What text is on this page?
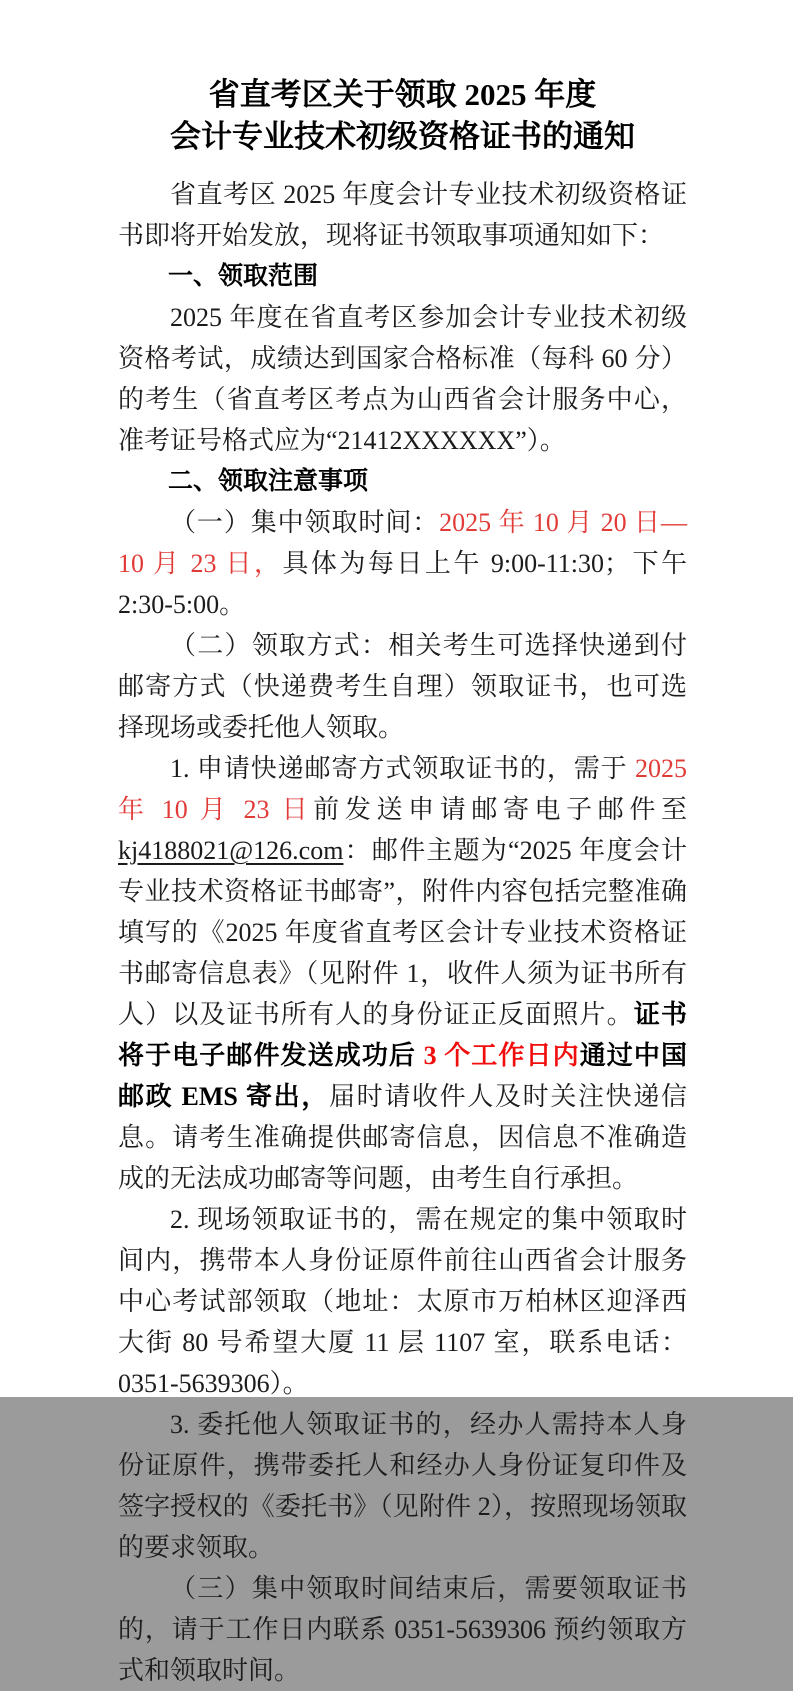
省直考区关于领取 2025 年度
会计专业技术初级资格证书的通知

省直考区 2025 年度会计专业技术初级资格证书即将开始发放，现将证书领取事项通知如下：

一、领取范围

2025 年度在省直考区参加会计专业技术初级资格考试，成绩达到国家合格标准（每科 60 分）的考生（省直考区考点为山西省会计服务中心，准考证号格式应为“21412XXXXXX”）。

二、领取注意事项

（一）集中领取时间：2025 年 10 月 20 日—10 月 23 日，具体为每日上午 9:00-11:30；下午 2:30-5:00。

（二）领取方式：相关考生可选择快递到付邮寄方式（快递费考生自理）领取证书，也可选择现场或委托他人领取。

1. 申请快递邮寄方式领取证书的，需于 2025 年 10 月 23 日前发送申请邮寄电子邮件至 kj4188021@126.com：邮件主题为“2025 年度会计专业技术资格证书邮寄”，附件内容包括完整准确填写的《2025 年度省直考区会计专业技术资格证书邮寄信息表》（见附件 1，收件人须为证书所有人）以及证书所有人的身份证正反面照片。证书将于电子邮件发送成功后 3 个工作日内通过中国邮政 EMS 寄出，届时请收件人及时关注快递信息。请考生准确提供邮寄信息，因信息不准确造成的无法成功邮寄等问题，由考生自行承担。

2. 现场领取证书的，需在规定的集中领取时间内，携带本人身份证原件前往山西省会计服务中心考试部领取（地址：太原市万柏林区迎泽西大街 80 号希望大厦 11 层 1107 室，联系电话：0351-5639306）。

3. 委托他人领取证书的，经办人需持本人身份证原件，携带委托人和经办人身份证复印件及签字授权的《委托书》（见附件 2），按照现场领取的要求领取。

（三）集中领取时间结束后，需要领取证书的，请于工作日内联系 0351-5639306 预约领取方式和领取时间。
